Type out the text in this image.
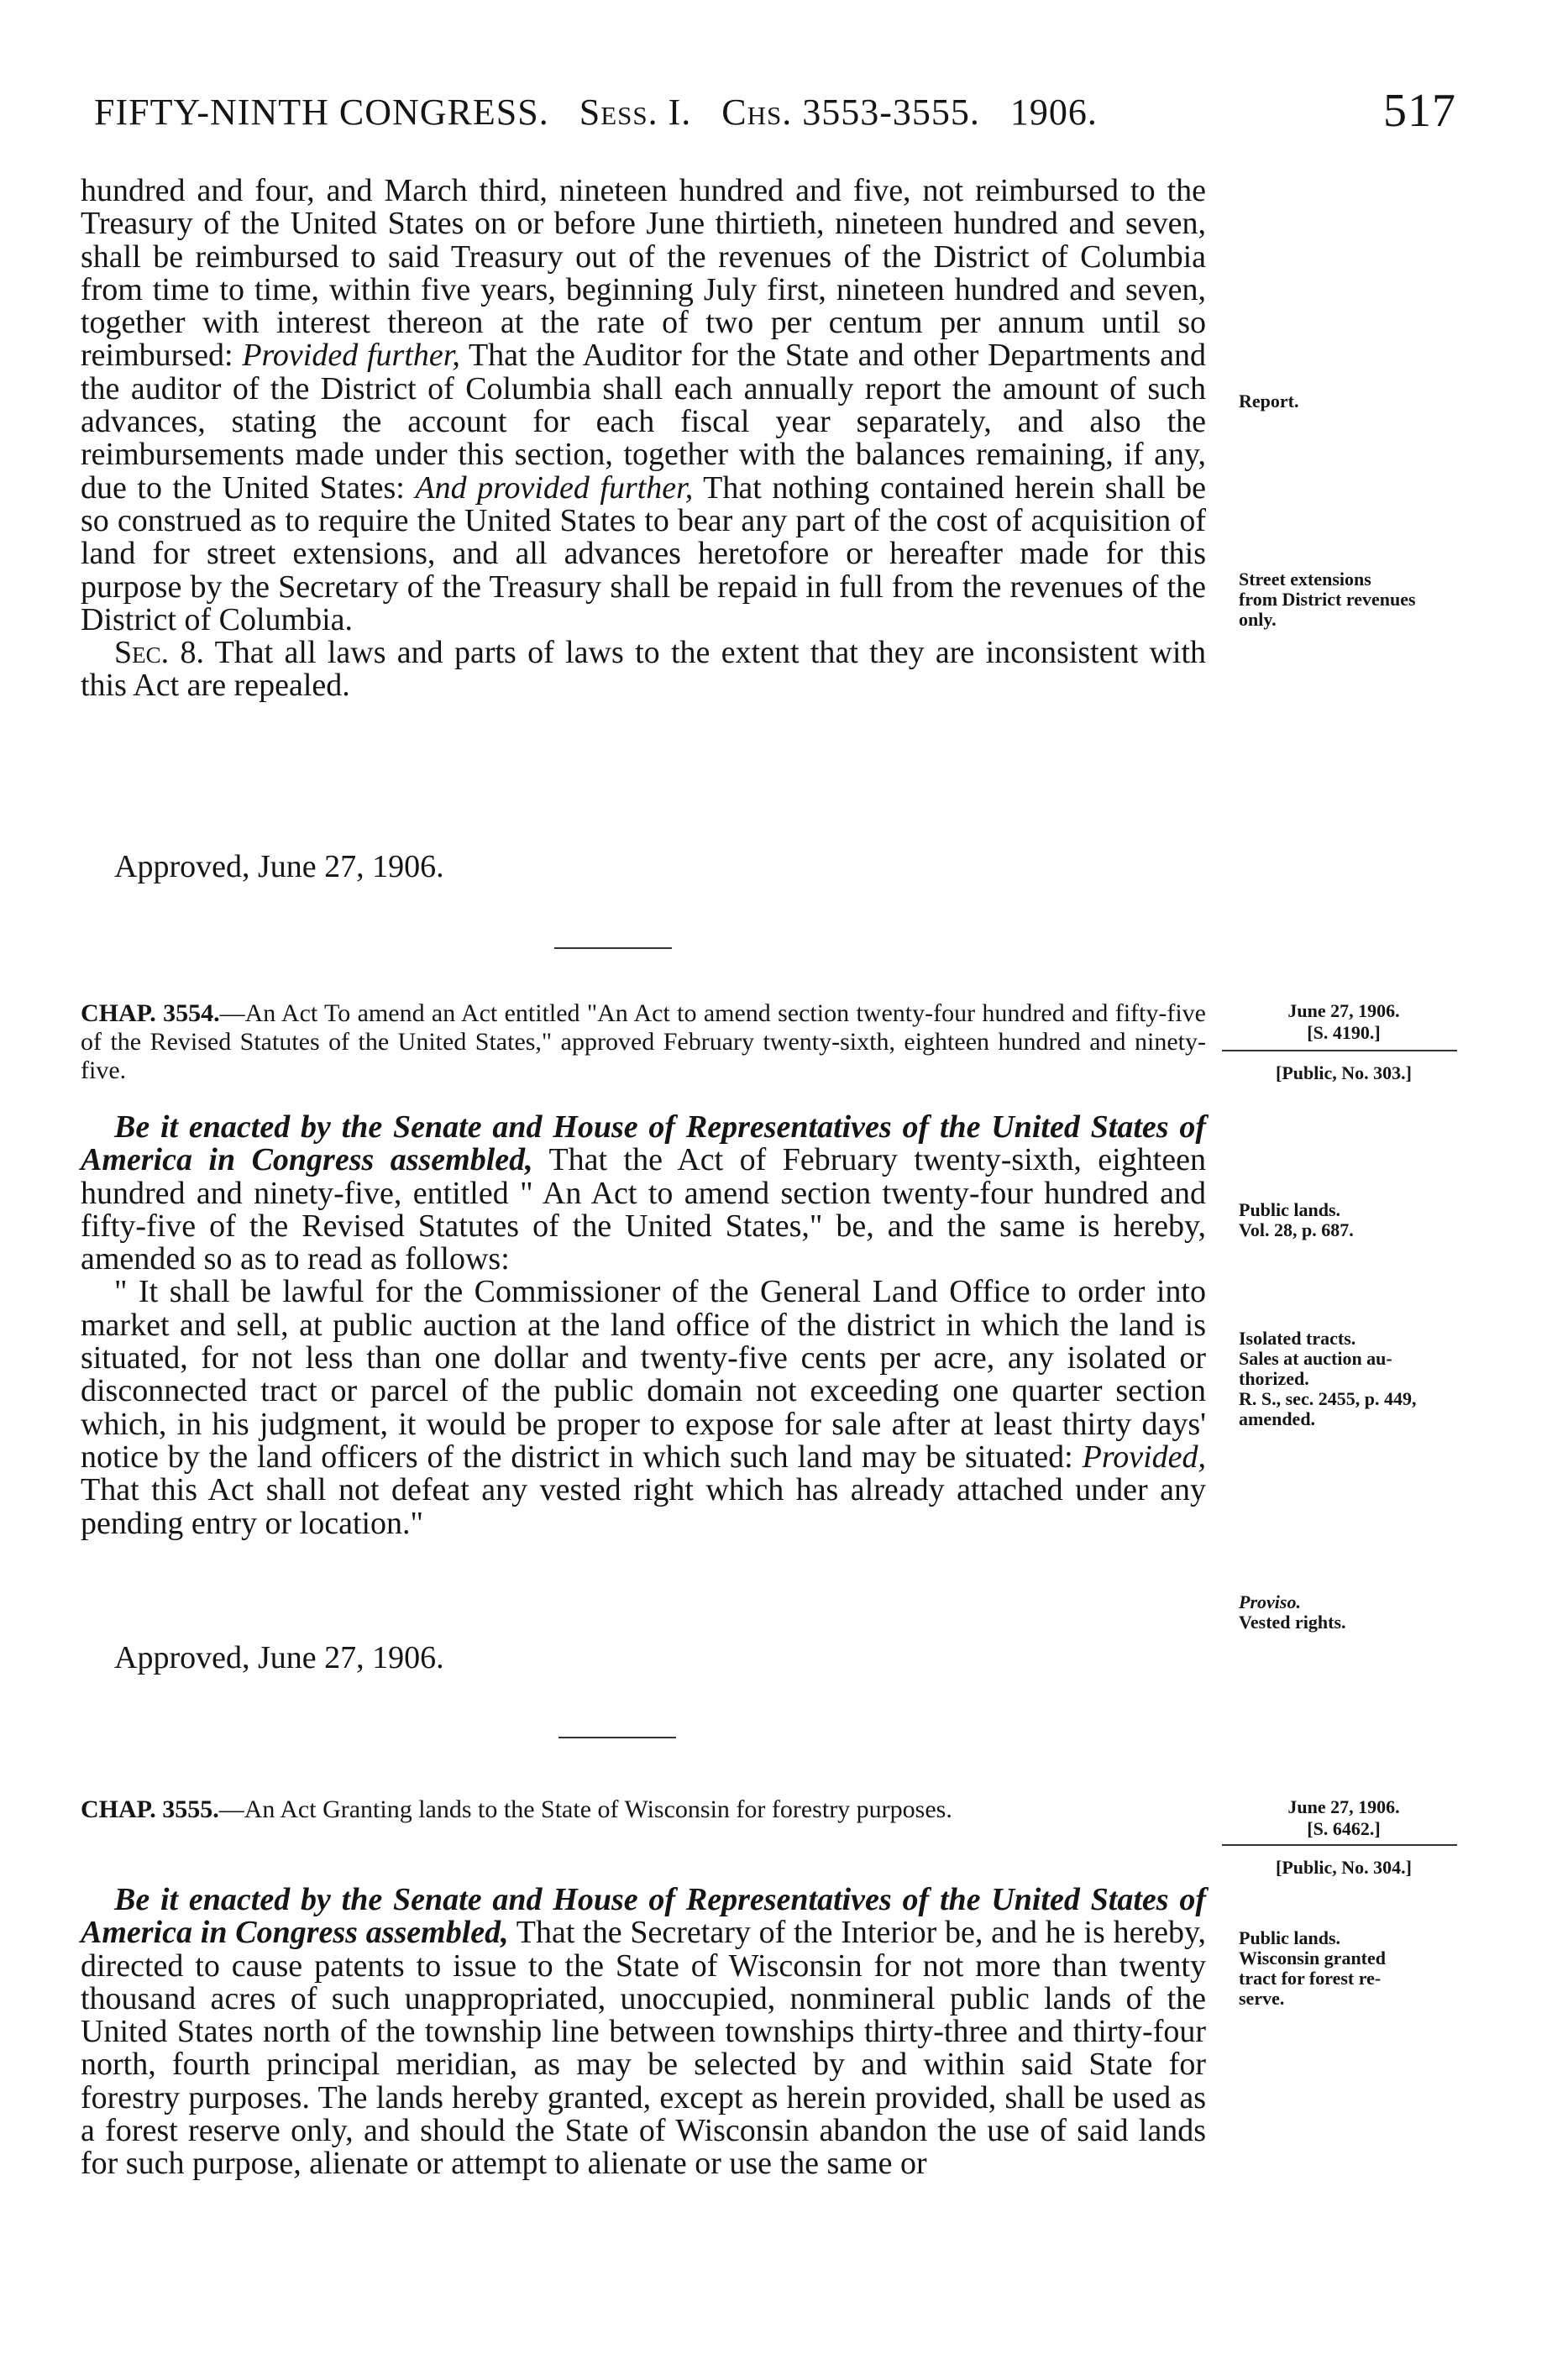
FIFTY-NINTH CONGRESS. Sess. I. Chs. 3553-3555. 1906.	517

hundred and four, and March third, nineteen hundred and five, not reimbursed to the Treasury of the United States on or before June thirtieth, nineteen hundred and seven, shall be reimbursed to said Treasury out of the revenues of the District of Columbia from time to time, within five years, beginning July first, nineteen hundred and seven, together with interest thereon at the rate of two per centum per annum until so reimbursed: Provided further, That the Auditor for the State and other Departments and the auditor of the District of Columbia shall each annually report the amount of such advances, stating the account for each fiscal year separately, and also the reimbursements made under this section, together with the balances remaining, if any, due to the United States: And provided further, That nothing contained herein shall be so construed as to require the United States to bear any part of the cost of acquisition of land for street extensions, and all advances heretofore or hereafter made for this purpose by the Secretary of the Treasury shall be repaid in full from the revenues of the District of Columbia.

Sec. 8. That all laws and parts of laws to the extent that they are inconsistent with this Act are repealed.

Approved, June 27, 1906.
CHAP. 3554.—An Act To amend an Act entitled "An Act to amend section twenty-four hundred and fifty-five of the Revised Statutes of the United States," approved February twenty-sixth, eighteen hundred and ninety-five.
June 27, 1906.
[S. 4190.]
[Public, No. 303.]

Be it enacted by the Senate and House of Representatives of the United States of America in Congress assembled, That the Act of February twenty-sixth, eighteen hundred and ninety-five, entitled " An Act to amend section twenty-four hundred and fifty-five of the Revised Statutes of the United States," be, and the same is hereby, amended so as to read as follows:

" It shall be lawful for the Commissioner of the General Land Office to order into market and sell, at public auction at the land office of the district in which the land is situated, for not less than one dollar and twenty-five cents per acre, any isolated or disconnected tract or parcel of the public domain not exceeding one quarter section which, in his judgment, it would be proper to expose for sale after at least thirty days' notice by the land officers of the district in which such land may be situated: Provided, That this Act shall not defeat any vested right which has already attached under any pending entry or location."

Approved, June 27, 1906.
CHAP. 3555.—An Act Granting lands to the State of Wisconsin for forestry purposes.	June 27, 1906.
[S. 6462.]
[Public, No. 304.]

Be it enacted by the Senate and House of Representatives of the United States of America in Congress assembled, That the Secretary of the Interior be, and he is hereby, directed to cause patents to issue to the State of Wisconsin for not more than twenty thousand acres of such unappropriated, unoccupied, nonmineral public lands of the United States north of the township line between townships thirty-three and thirty-four north, fourth principal meridian, as may be selected by and within said State for forestry purposes. The lands hereby granted, except as herein provided, shall be used as a forest reserve only, and should the State of Wisconsin abandon the use of said lands for such purpose, alienate or attempt to alienate or use the same or

Report.
Street extensions
from District revenues
only.
Public lands.
Vol. 28, p. 687.
Isolated tracts.
Sales at auction au-
thorized.
R. S., sec. 2455, p. 449,
amended.
Proviso.
Vested rights.
Public lands.
Wisconsin granted
tract for forest re-
serve.
